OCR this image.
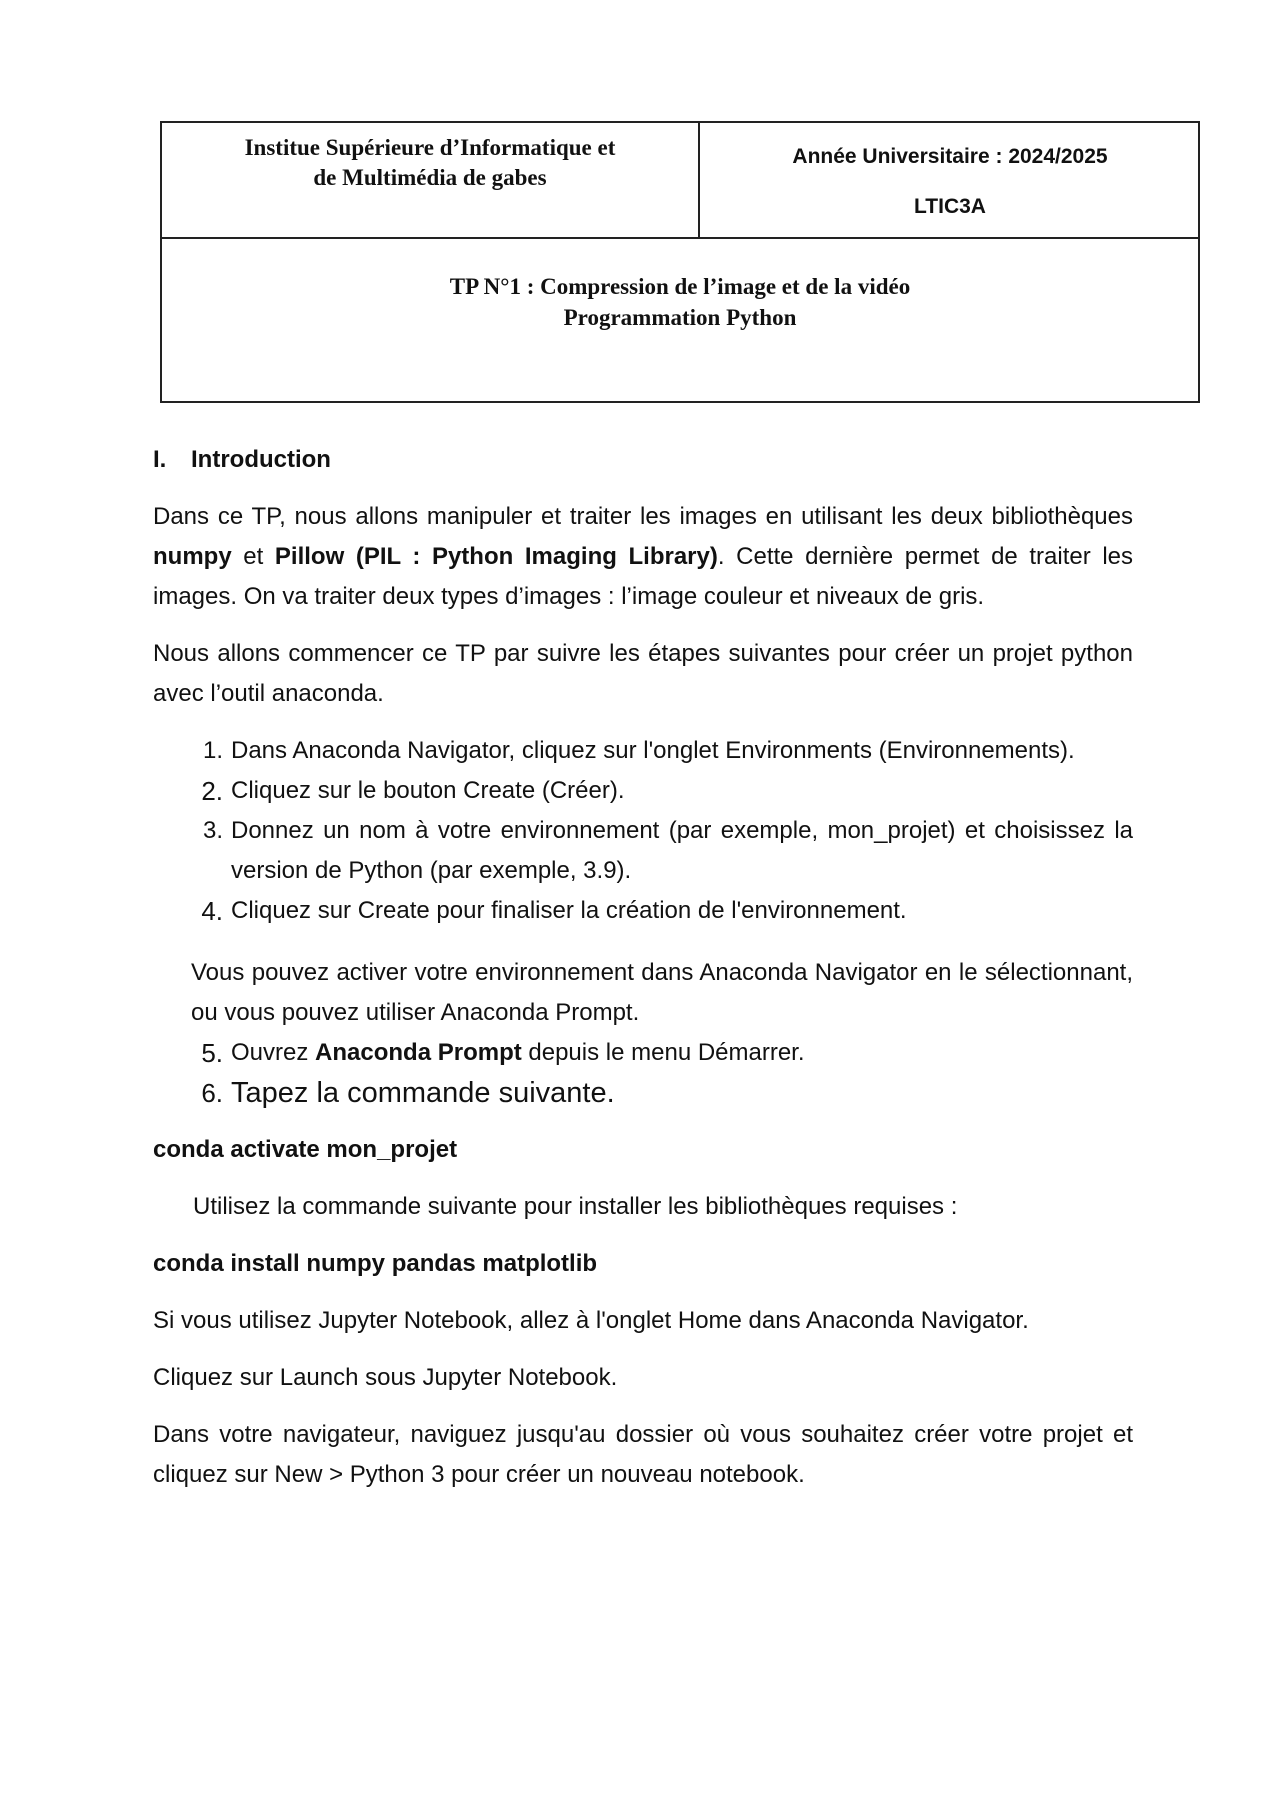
Institue Supérieure d’Informatique et
de Multimédia de gabes
Année Universitaire : 2024/2025
LTIC3A
TP N°1 : Compression de l’image et de la vidéo
Programmation Python

I.	Introduction

Dans ce TP, nous allons manipuler et traiter les images en utilisant les deux bibliothèques numpy et Pillow (PIL : Python Imaging Library). Cette dernière permet de traiter les images. On va traiter deux types d’images : l’image couleur et niveaux de gris.

Nous allons commencer ce TP par suivre les étapes suivantes pour créer un projet python avec l’outil anaconda.

1. Dans Anaconda Navigator, cliquez sur l'onglet Environments (Environnements).
2. Cliquez sur le bouton Create (Créer).
3. Donnez un nom à votre environnement (par exemple, mon_projet) et choisissez la version de Python (par exemple, 3.9).
4. Cliquez sur Create pour finaliser la création de l'environnement.

Vous pouvez activer votre environnement dans Anaconda Navigator en le sélectionnant, ou vous pouvez utiliser Anaconda Prompt.

5. Ouvrez Anaconda Prompt depuis le menu Démarrer.
6. Tapez la commande suivante.

conda activate mon_projet

Utilisez la commande suivante pour installer les bibliothèques requises :

conda install numpy pandas matplotlib

Si vous utilisez Jupyter Notebook, allez à l'onglet Home dans Anaconda Navigator.

Cliquez sur Launch sous Jupyter Notebook.

Dans votre navigateur, naviguez jusqu'au dossier où vous souhaitez créer votre projet et cliquez sur New > Python 3 pour créer un nouveau notebook.
